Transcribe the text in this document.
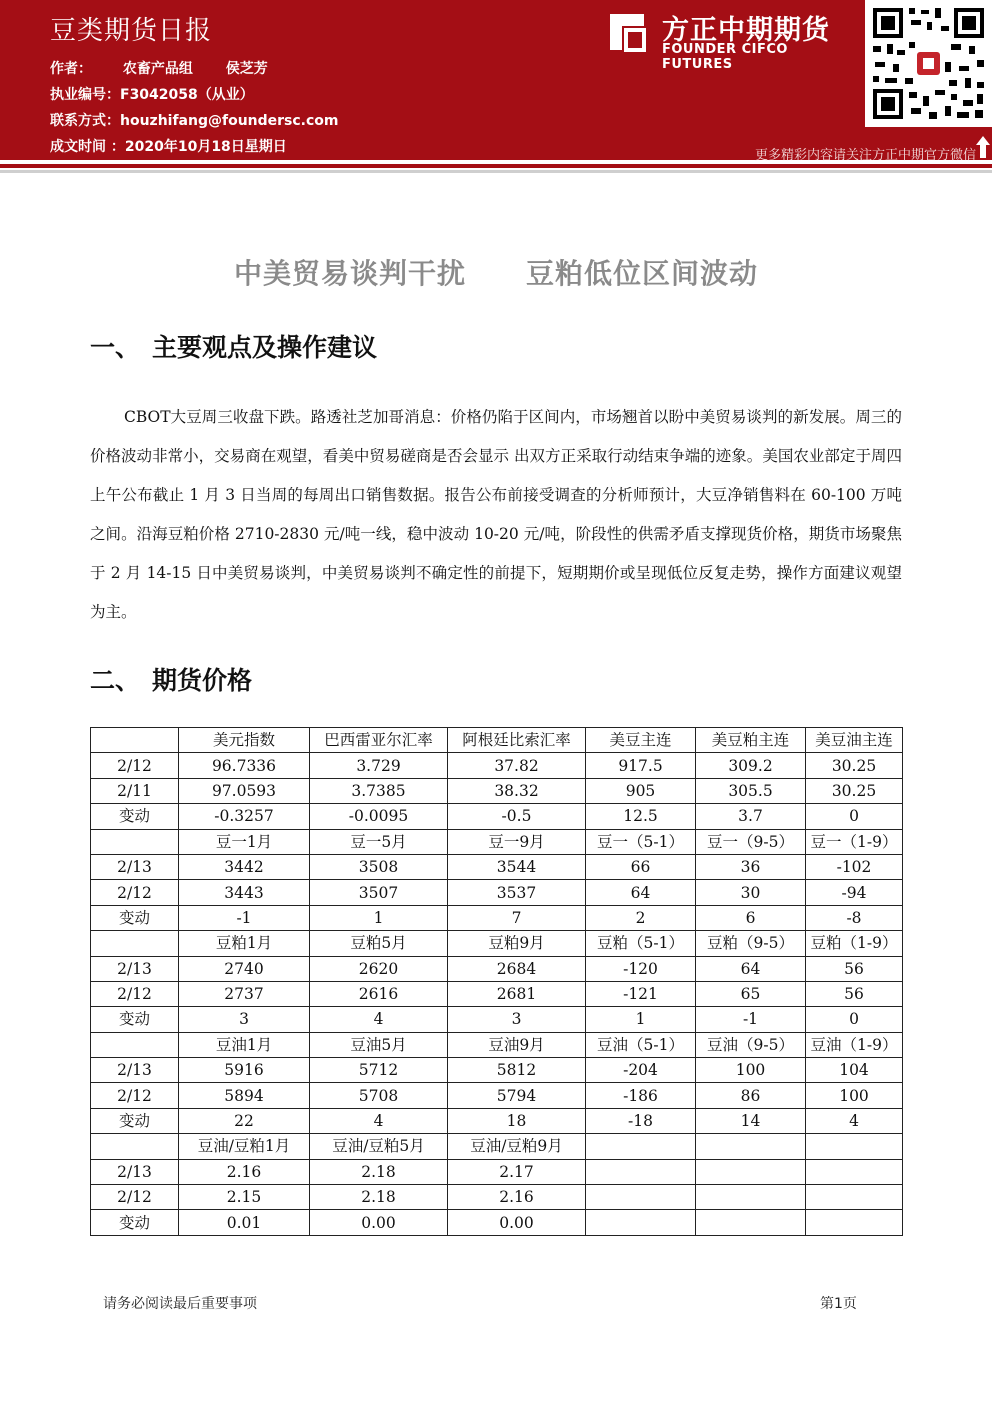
豆类期货日报
作者： 农畜产品组 侯芝芳
执业编号：F3042058（从业）
联系方式：houzhifang@foundersc.com
成文时间 ：2020年10月18日星期日
方正中期期货
FOUNDER CIFCO FUTURES
更多精彩内容请关注方正中期官方微信
中美贸易谈判干扰 豆粕低位区间波动
一、 主要观点及操作建议
CBOT大豆周三收盘下跌。路透社芝加哥消息：价格仍陷于区间内，市场翘首以盼中美贸易谈判的新发展。周三的价格波动非常小，交易商在观望，看美中贸易磋商是否会显示 出双方正采取行动结束争端的迹象。美国农业部定于周四上午公布截止 1 月 3 日当周的每周出口销售数据。报告公布前接受调查的分析师预计，大豆净销售料在 60-100 万吨之间。沿海豆粕价格 2710-2830 元/吨一线，稳中波动 10-20 元/吨，阶段性的供需矛盾支撑现货价格，期货市场聚焦于 2 月 14-15 日中美贸易谈判，中美贸易谈判不确定性的前提下，短期期价或呈现低位反复走势，操作方面建议观望为主。
二、 期货价格
	美元指数	巴西雷亚尔汇率	阿根廷比索汇率	美豆主连	美豆粕主连	美豆油主连
2/12	96.7336	3.729	37.82	917.5	309.2	30.25
2/11	97.0593	3.7385	38.32	905	305.5	30.25
变动	-0.3257	-0.0095	-0.5	12.5	3.7	0
	豆一1月	豆一5月	豆一9月	豆一（5-1）	豆一（9-5）	豆一（1-9）
2/13	3442	3508	3544	66	36	-102
2/12	3443	3507	3537	64	30	-94
变动	-1	1	7	2	6	-8
	豆粕1月	豆粕5月	豆粕9月	豆粕（5-1）	豆粕（9-5）	豆粕（1-9）
2/13	2740	2620	2684	-120	64	56
2/12	2737	2616	2681	-121	65	56
变动	3	4	3	1	-1	0
	豆油1月	豆油5月	豆油9月	豆油（5-1）	豆油（9-5）	豆油（1-9）
2/13	5916	5712	5812	-204	100	104
2/12	5894	5708	5794	-186	86	100
变动	22	4	18	-18	14	4
	豆油/豆粕1月	豆油/豆粕5月	豆油/豆粕9月			
2/13	2.16	2.18	2.17			
2/12	2.15	2.18	2.16			
变动	0.01	0.00	0.00			
请务必阅读最后重要事项	第1页
